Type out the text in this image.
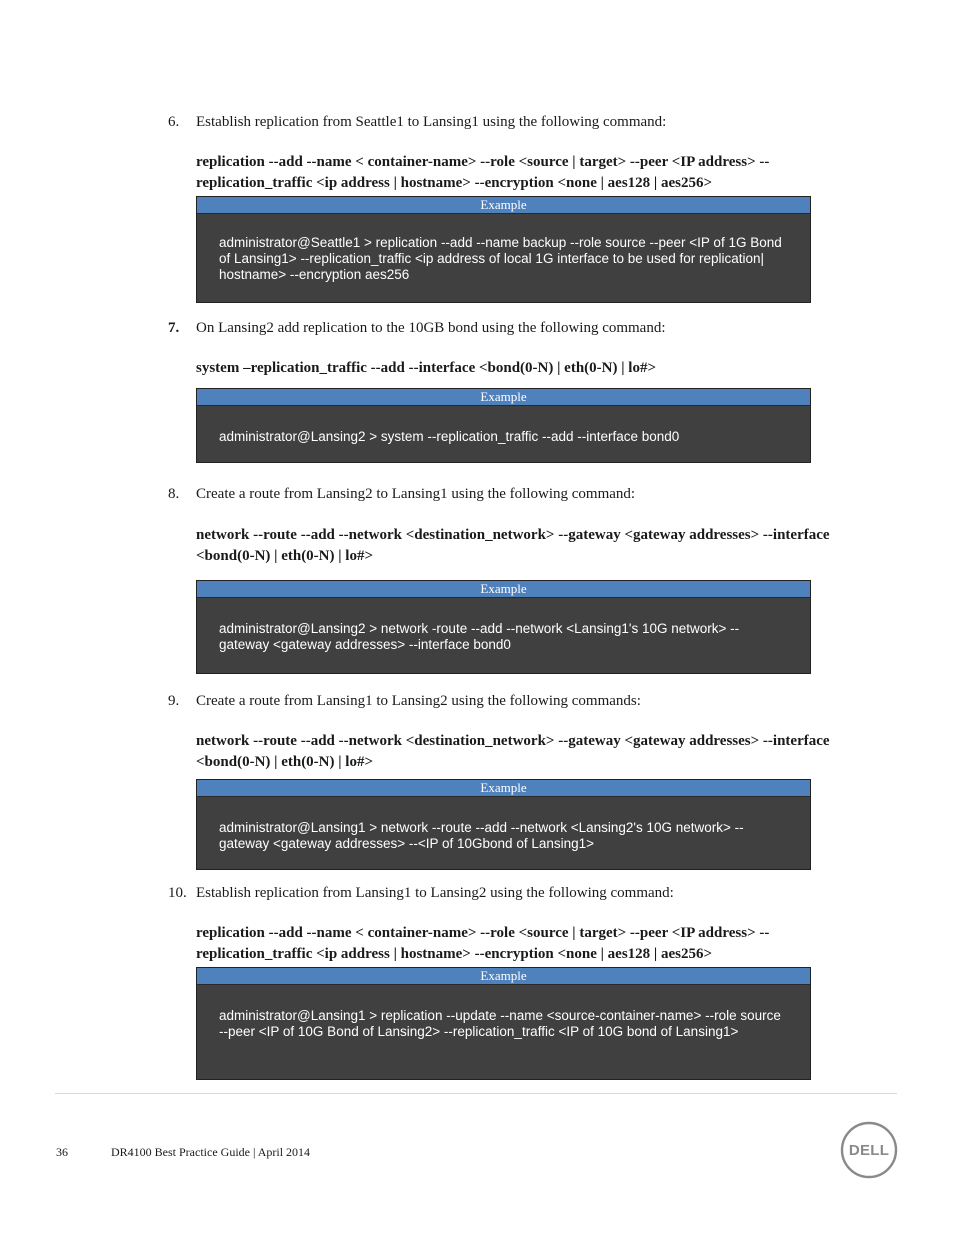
6.	Establish replication from Seattle1 to Lansing1 using the following command:
replication --add --name < container-name> --role <source | target> --peer <IP address> -- replication_traffic <ip address | hostname> --encryption <none | aes128 | aes256>
Example
administrator@Seattle1 > replication --add --name backup --role source --peer <IP of 1G Bond of Lansing1> --replication_traffic <ip address of local 1G interface to be used for replication| hostname> --encryption aes256
7.	On Lansing2 add replication to the 10GB bond using the following command:
system –replication_traffic --add --interface <bond(0-N) | eth(0-N) | lo#>
Example
administrator@Lansing2 > system --replication_traffic --add --interface bond0
8.	Create a route from Lansing2 to Lansing1 using the following command:
network --route --add --network <destination_network> --gateway <gateway addresses> --interface <bond(0-N) | eth(0-N) | lo#>
Example
administrator@Lansing2 > network -route --add --network <Lansing1's 10G network> --gateway <gateway addresses> --interface bond0
9.	Create a route from Lansing1 to Lansing2 using the following commands:
network --route --add --network <destination_network> --gateway <gateway addresses> --interface <bond(0-N) | eth(0-N) | lo#>
Example
administrator@Lansing1 > network --route --add --network <Lansing2's 10G network> --gateway <gateway addresses> --<IP of 10Gbond of Lansing1>
10. Establish replication from Lansing1 to Lansing2 using the following command:
replication --add --name < container-name> --role <source | target> --peer <IP address> -- replication_traffic <ip address | hostname> --encryption <none | aes128 | aes256>
Example
administrator@Lansing1 > replication --update --name <source-container-name> --role source --peer <IP of 10G Bond of Lansing2> --replication_traffic <IP of 10G bond of Lansing1>
36	DR4100 Best Practice Guide | April 2014	DELL
